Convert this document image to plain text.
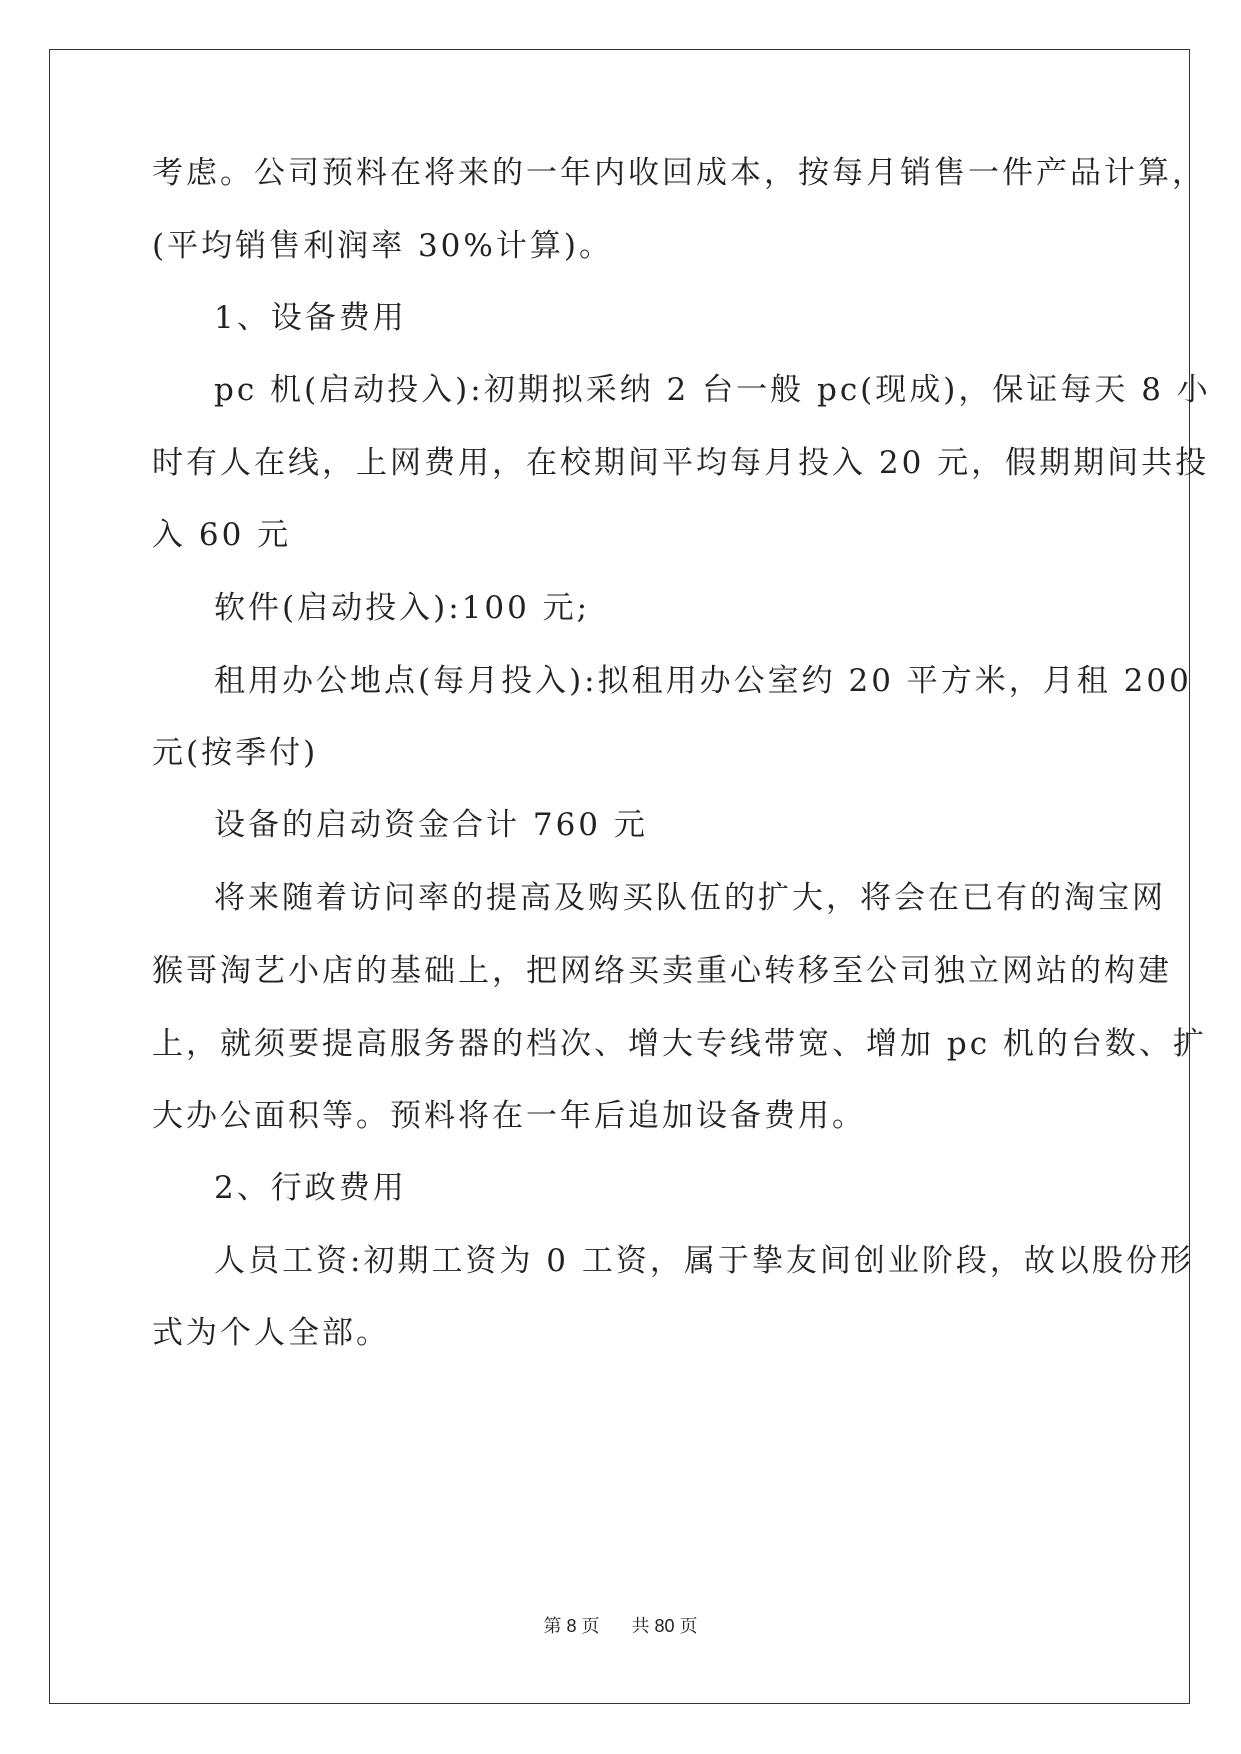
考虑。公司预料在将来的一年内收回成本，按每月销售一件产品计算，
(平均销售利润率 30%计算)。
1、设备费用
pc 机(启动投入):初期拟采纳 2 台一般 pc(现成)，保证每天 8 小
时有人在线，上网费用，在校期间平均每月投入 20 元，假期期间共投
入 60 元
软件(启动投入):100 元;
租用办公地点(每月投入):拟租用办公室约 20 平方米，月租 200
元(按季付)
设备的启动资金合计 760 元
将来随着访问率的提高及购买队伍的扩大，将会在已有的淘宝网
猴哥淘艺小店的基础上，把网络买卖重心转移至公司独立网站的构建
上，就须要提高服务器的档次、增大专线带宽、增加 pc 机的台数、扩
大办公面积等。预料将在一年后追加设备费用。
2、行政费用
人员工资:初期工资为 0 工资，属于挚友间创业阶段，故以股份形
式为个人全部。
第 8 页 共 80 页
